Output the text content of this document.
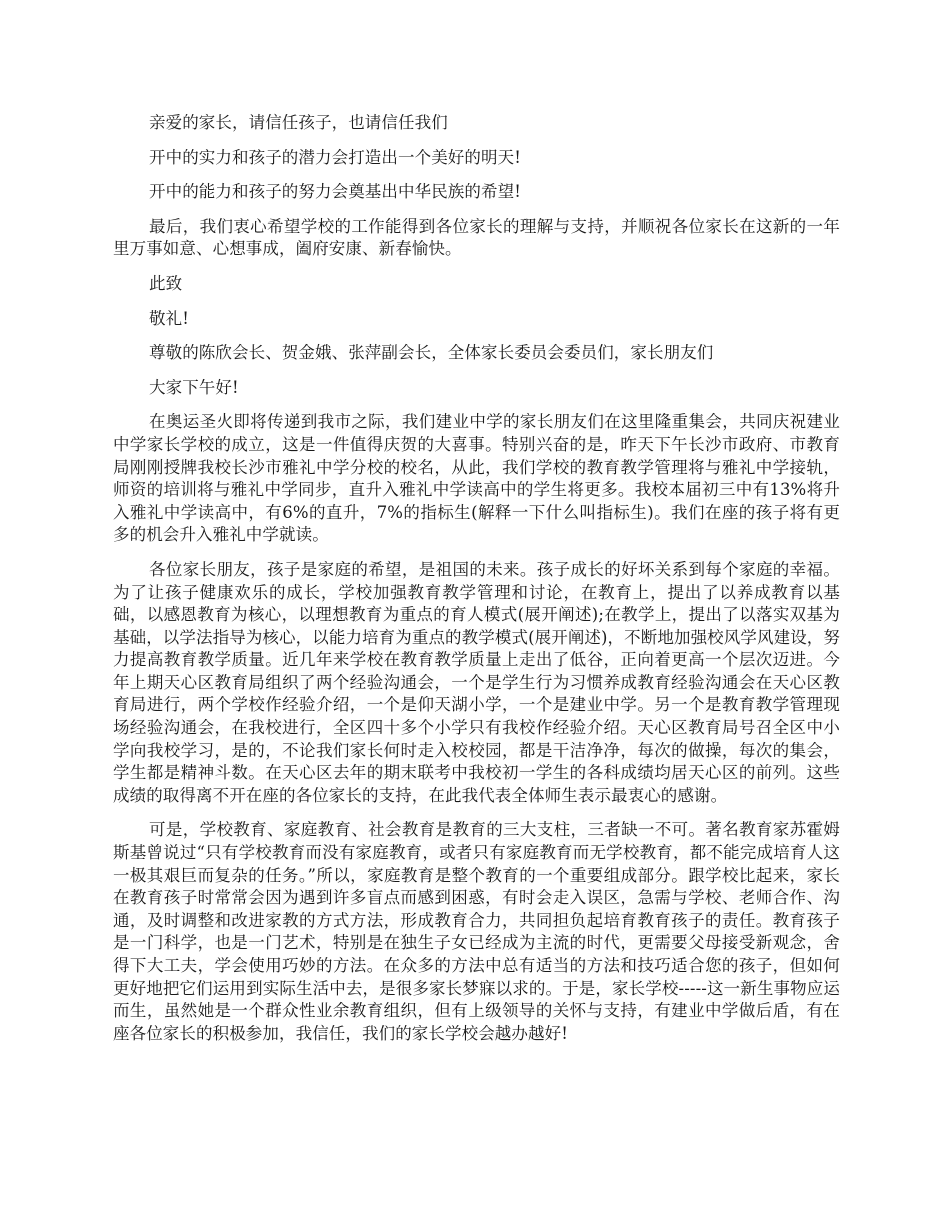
亲爱的家长，请信任孩子，也请信任我们

开中的实力和孩子的潜力会打造出一个美好的明天!

开中的能力和孩子的努力会奠基出中华民族的希望!

最后，我们衷心希望学校的工作能得到各位家长的理解与支持，并顺祝各位家长在这新的一年里万事如意、心想事成，阖府安康、新春愉快。

此致

敬礼!

尊敬的陈欣会长、贺金娥、张萍副会长，全体家长委员会委员们，家长朋友们

大家下午好!

在奥运圣火即将传递到我市之际，我们建业中学的家长朋友们在这里隆重集会，共同庆祝建业中学家长学校的成立，这是一件值得庆贺的大喜事。特别兴奋的是，昨天下午长沙市政府、市教育局刚刚授牌我校长沙市雅礼中学分校的校名，从此，我们学校的教育教学管理将与雅礼中学接轨，师资的培训将与雅礼中学同步，直升入雅礼中学读高中的学生将更多。我校本届初三中有13%将升入雅礼中学读高中，有6%的直升，7%的指标生(解释一下什么叫指标生)。我们在座的孩子将有更多的机会升入雅礼中学就读。

各位家长朋友，孩子是家庭的希望，是祖国的未来。孩子成长的好坏关系到每个家庭的幸福。为了让孩子健康欢乐的成长，学校加强教育教学管理和讨论，在教育上，提出了以养成教育以基础，以感恩教育为核心，以理想教育为重点的育人模式(展开阐述);在教学上，提出了以落实双基为基础，以学法指导为核心，以能力培育为重点的教学模式(展开阐述)，不断地加强校风学风建设，努力提高教育教学质量。近几年来学校在教育教学质量上走出了低谷，正向着更高一个层次迈进。今年上期天心区教育局组织了两个经验沟通会，一个是学生行为习惯养成教育经验沟通会在天心区教育局进行，两个学校作经验介绍，一个是仰天湖小学，一个是建业中学。另一个是教育教学管理现场经验沟通会，在我校进行，全区四十多个小学只有我校作经验介绍。天心区教育局号召全区中小学向我校学习，是的，不论我们家长何时走入校校园，都是干洁净净，每次的做操，每次的集会，学生都是精神斗数。在天心区去年的期末联考中我校初一学生的各科成绩均居天心区的前列。这些成绩的取得离不开在座的各位家长的支持，在此我代表全体师生表示最衷心的感谢。

可是，学校教育、家庭教育、社会教育是教育的三大支柱，三者缺一不可。著名教育家苏霍姆斯基曾说过“只有学校教育而没有家庭教育，或者只有家庭教育而无学校教育，都不能完成培育人这一极其艰巨而复杂的任务。”所以，家庭教育是整个教育的一个重要组成部分。跟学校比起来，家长在教育孩子时常常会因为遇到许多盲点而感到困惑，有时会走入误区，急需与学校、老师合作、沟通，及时调整和改进家教的方式方法，形成教育合力，共同担负起培育教育孩子的责任。教育孩子是一门科学，也是一门艺术，特别是在独生子女已经成为主流的时代，更需要父母接受新观念，舍得下大工夫，学会使用巧妙的方法。在众多的方法中总有适当的方法和技巧适合您的孩子，但如何更好地把它们运用到实际生活中去，是很多家长梦寐以求的。于是，家长学校-----这一新生事物应运而生，虽然她是一个群众性业余教育组织，但有上级领导的关怀与支持，有建业中学做后盾，有在座各位家长的积极参加，我信任，我们的家长学校会越办越好!
